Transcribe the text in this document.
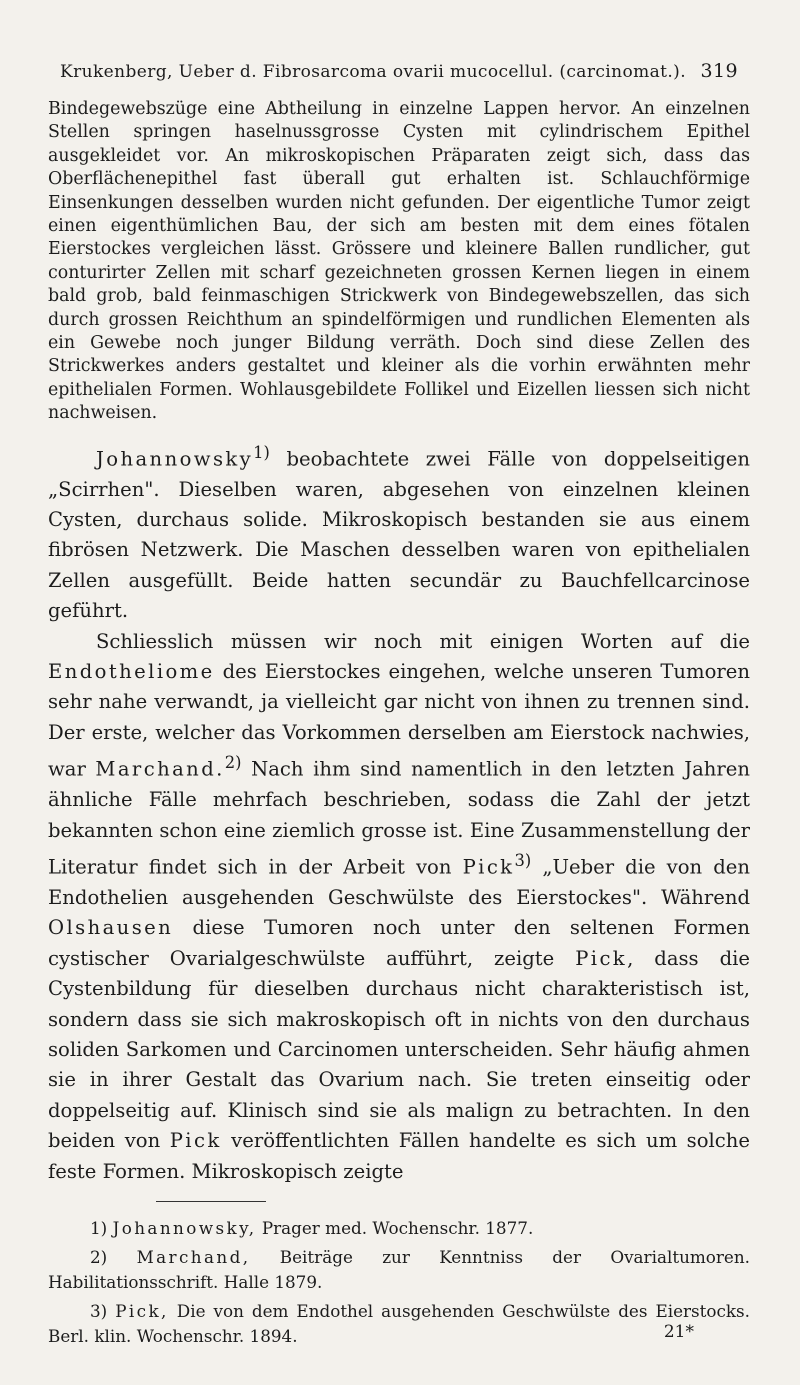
Krukenberg, Ueber d. Fibrosarcoma ovarii mucocellul. (carcinomat.). 319

Bindegewebszüge eine Abtheilung in einzelne Lappen hervor. An einzelnen Stellen springen haselnussgrosse Cysten mit cylindrischem Epithel ausgekleidet vor. An mikroskopischen Präparaten zeigt sich, dass das Oberflächenepithel fast überall gut erhalten ist. Schlauchförmige Einsenkungen desselben wurden nicht gefunden. Der eigentliche Tumor zeigt einen eigenthümlichen Bau, der sich am besten mit dem eines fötalen Eierstockes vergleichen lässt. Grössere und kleinere Ballen rundlicher, gut conturirter Zellen mit scharf gezeichneten grossen Kernen liegen in einem bald grob, bald feinmaschigen Strickwerk von Bindegewebszellen, das sich durch grossen Reichthum an spindelförmigen und rundlichen Elementen als ein Gewebe noch junger Bildung verräth. Doch sind diese Zellen des Strickwerkes anders gestaltet und kleiner als die vorhin erwähnten mehr epithelialen Formen. Wohlausgebildete Follikel und Eizellen liessen sich nicht nachweisen.

Johannowsky$^{1)}$ beobachtete zwei Fälle von doppelseitigen „Scirrhen". Dieselben waren, abgesehen von einzelnen kleinen Cysten, durchaus solide. Mikroskopisch bestanden sie aus einem fibrösen Netzwerk. Die Maschen desselben waren von epithelialen Zellen ausgefüllt. Beide hatten secundär zu Bauchfellcarcinose geführt.

Schliesslich müssen wir noch mit einigen Worten auf die Endotheliome des Eierstockes eingehen, welche unseren Tumoren sehr nahe verwandt, ja vielleicht gar nicht von ihnen zu trennen sind. Der erste, welcher das Vorkommen derselben am Eierstock nachwies, war Marchand.$^{2)}$ Nach ihm sind namentlich in den letzten Jahren ähnliche Fälle mehrfach beschrieben, sodass die Zahl der jetzt bekannten schon eine ziemlich grosse ist. Eine Zusammenstellung der Literatur findet sich in der Arbeit von Pick$^{3)}$ „Ueber die von den Endothelien ausgehenden Geschwülste des Eierstockes". Während Olshausen diese Tumoren noch unter den seltenen Formen cystischer Ovarialgeschwülste aufführt, zeigte Pick, dass die Cystenbildung für dieselben durchaus nicht charakteristisch ist, sondern dass sie sich makroskopisch oft in nichts von den durchaus soliden Sarkomen und Carcinomen unterscheiden. Sehr häufig ahmen sie in ihrer Gestalt das Ovarium nach. Sie treten einseitig oder doppelseitig auf. Klinisch sind sie als malign zu betrachten. In den beiden von Pick veröffentlichten Fällen handelte es sich um solche feste Formen. Mikroskopisch zeigte

1) Johannowsky, Prager med. Wochenschr. 1877.

2) Marchand, Beiträge zur Kenntniss der Ovarialtumoren. Habilitationsschrift. Halle 1879.

3) Pick, Die von dem Endothel ausgehenden Geschwülste des Eierstocks. Berl. klin. Wochenschr. 1894.	21*
